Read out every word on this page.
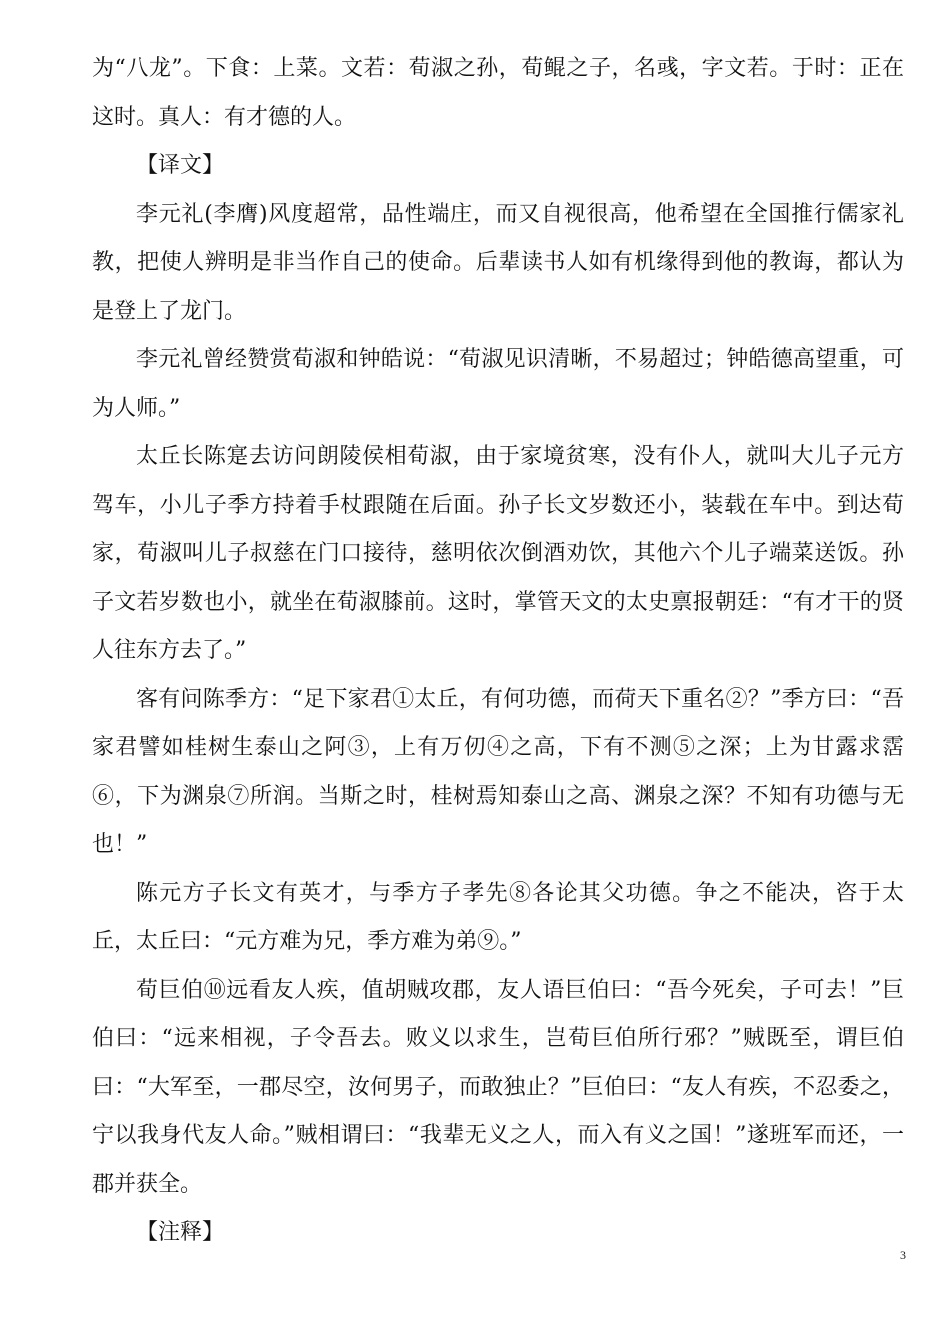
为“八龙”。下食：上菜。文若：荀淑之孙，荀鲲之子，名彧，字文若。于时：正在这时。真人：有才德的人。

【译文】

李元礼(李膺)风度超常，品性端庄，而又自视很高，他希望在全国推行儒家礼教，把使人辨明是非当作自己的使命。后辈读书人如有机缘得到他的教诲，都认为是登上了龙门。

李元礼曾经赞赏荀淑和钟皓说：“荀淑见识清晰，不易超过；钟皓德高望重，可为人师。”

太丘长陈寔去访问朗陵侯相荀淑，由于家境贫寒，没有仆人，就叫大儿子元方驾车，小儿子季方持着手杖跟随在后面。孙子长文岁数还小，装载在车中。到达荀家，荀淑叫儿子叔慈在门口接待，慈明依次倒酒劝饮，其他六个儿子端菜送饭。孙子文若岁数也小，就坐在荀淑膝前。这时，掌管天文的太史禀报朝廷：“有才干的贤人往东方去了。”

客有问陈季方：“足下家君①太丘，有何功德，而荷天下重名②？”季方曰：“吾家君譬如桂树生泰山之阿③，上有万仞④之高，下有不测⑤之深；上为甘露求霑⑥，下为渊泉⑦所润。当斯之时，桂树焉知泰山之高、渊泉之深？不知有功德与无也！”

陈元方子长文有英才，与季方子孝先⑧各论其父功德。争之不能决，咨于太丘，太丘曰：“元方难为兄，季方难为弟⑨。”

荀巨伯⑩远看友人疾，值胡贼攻郡，友人语巨伯曰：“吾今死矣，子可去！”巨伯曰：“远来相视，子令吾去。败义以求生，岂荀巨伯所行邪？”贼既至，谓巨伯曰：“大军至，一郡尽空，汝何男子，而敢独止？”巨伯曰：“友人有疾，不忍委之，宁以我身代友人命。”贼相谓曰：“我辈无义之人，而入有义之国！”遂班军而还，一郡并获全。

【注释】

3
